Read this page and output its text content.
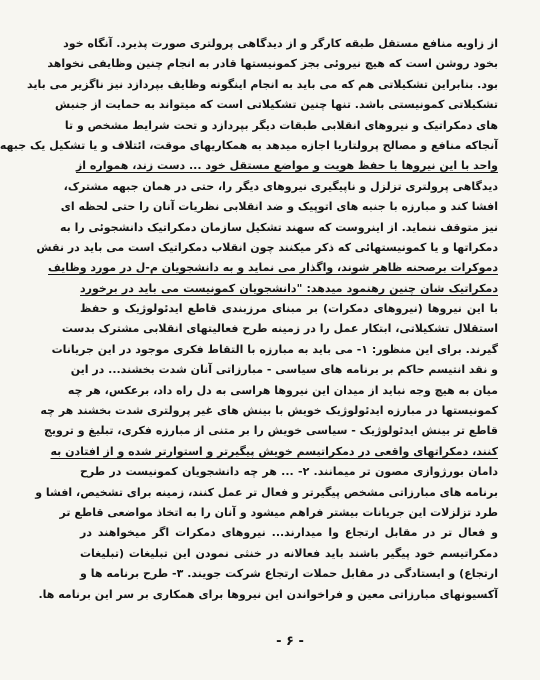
از زاویه منافع مستقل طبقه کارگر و از دیدگاهی پرولتری صورت پذیرد. آنگاه خود
بخود روشن است که هیچ نیروئی بجز کمونیستها قادر به انجام چنین وظایفی نخواهد
بود. بنابراین تشکیلاتی هم که می باید به انجام اینگونه وظایف بپردازد نیز ناگزیر می باید
تشکیلاتی کمونیستی باشد. تنها چنین تشکیلاتی است که میتواند به حمایت از جنبش
های دمکراتیک و نیروهای انقلابی طبقات دیگر بپردازد و تحت شرایط مشخص و تا
آنجاکه منافع و مصالح پرولتاریا اجازه میدهد به همکاریهای موقت، ائتلاف و یا تشکیل یک جبهه
واحد با این نیروها با حفظ هویت و مواضع مستقل خود ... دست زند، همواره از
دیدگاهی پرولتری تزلزل و ناپیگیری نیروهای دیگر را، حتی در همان جبهه مشترک،
افشا کند و مبارزه با جنبه های اتوپیک و ضد انقلابی نظریات آنان را حتی لحظه ای
نیز متوقف ننماید. از اینروست که سهند تشکیل سازمان دمکراتیک دانشجوئی را به
دمکراتها و یا کمونیستهائی که ذکر میکنند چون انقلاب دمکراتیک است می باید در نقش
دموکرات برصحنه ظاهر شوند، واگذار می نماید و به دانشجویان م-ل در مورد وظایف
دمکراتیک شان چنین رهنمود میدهد: "دانشجویان کمونیست می باید در برخورد
با این نیروها (نیروهای دمکرات) بر مبنای مرزبندی قاطع ایدئولوژیک و حفظ
استقلال تشکیلاتی، ابتکار عمل را در زمینه طرح فعالیتهای انقلابی مشترک بدست
گیرند. برای این منظور: ۱- می باید به مبارزه با التقاط فکری موجود در این جریانات
و نقد انتیسم حاکم بر برنامه های سیاسی - مبارزاتی آنان شدت بخشند... در این
میان به هیچ وجه نباید از میدان این نیروها هراسی به دل راه داد، برعکس، هر چه
کمونیستها در مبارزه ایدئولوژیک خویش با بینش های غیر پرولتری شدت بخشند هر چه
قاطع تر بینش ایدئولوژیک - سیاسی خویش را بر متنی از مبارزه فکری، تبلیغ و ترویج
کنند، دمکراتهای واقعی در دمکراتیسم خویش پیگیرتر و استوارتر شده و از افتادن به
دامان بورژوازی مصون تر میمانند. ۲- ... هر چه دانشجویان کمونیست در طرح
برنامه های مبارزاتی مشخص پیگیرتر و فعال تر عمل کنند، زمینه برای تشخیص، افشا و
طرد تزلزلات این جریانات بیشتر فراهم میشود و آنان را به اتخاذ مواضعی قاطع تر
و فعال تر در مقابل ارتجاع وا میدارند... نیروهای دمکرات اگر میخواهند در
دمکراتیسم خود پیگیر باشند باید فعالانه در خنثی نمودن این تبلیغات (تبلیغات
ارتجاع) و ایستادگی در مقابل حملات ارتجاع شرکت جویند. ۳- طرح برنامه ها و
آکسیونهای مبارزاتی معین و فراخواندن این نیروها برای همکاری بر سر این برنامه ها.
- ۶ -
